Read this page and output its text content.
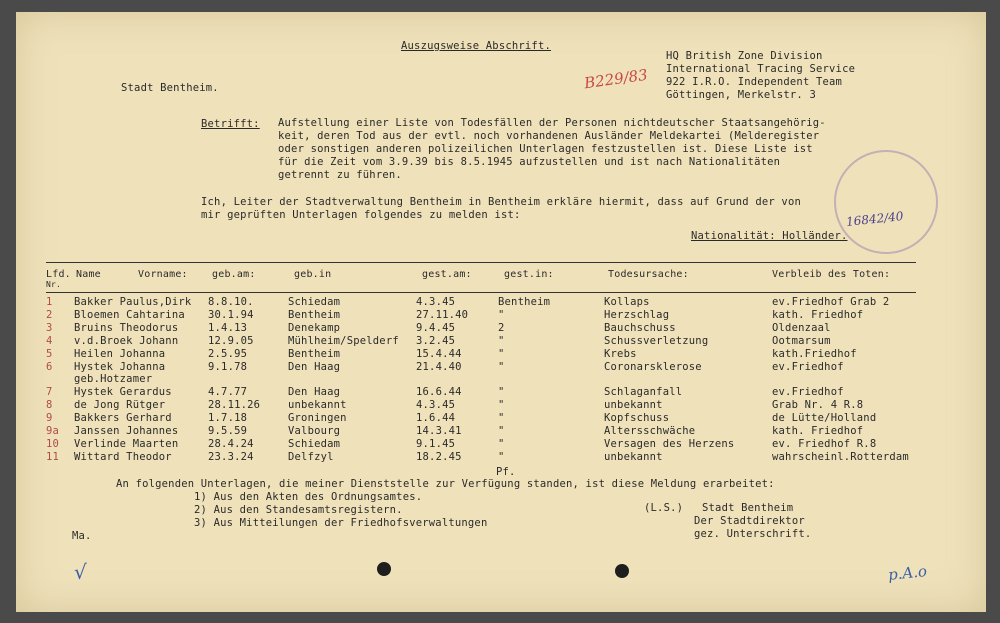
Auszugsweise Abschrift.
HQ British Zone Division
International Tracing Service
922 I.R.O. Independent Team
Göttingen, Merkelstr. 3
B229/83
Stadt Bentheim.
Betrifft: Aufstellung einer Liste von Todesfällen der Personen nichtdeutscher Staatsangehörig-
keit, deren Tod aus der evtl. noch vorhandenen Ausländer Meldekartei (Melderegister
oder sonstigen anderen polizeilichen Unterlagen festzustellen ist. Diese Liste ist
für die Zeit vom 3.9.39 bis 8.5.1945 aufzustellen und ist nach Nationalitäten
getrennt zu führen.
Ich, Leiter der Stadtverwaltung Bentheim in Bentheim erkläre hiermit, dass auf Grund der von
mir geprüften Unterlagen folgendes zu melden ist:
Nationalität: Holländer.
16842/40
Lfd.
Nr.
Name	Vorname: geb.am:	geb.in	gest.am:	gest.in:	Todesursache:	Verbleib des Toten:
1 Bakker Paulus,Dirk 8.8.10.	Schiedam	4.3.45	Bentheim	Kollaps	ev.Friedhof Grab 2
2 Bloemen Cahtarina 30.1.94	Bentheim	27.11.40	"	Herzschlag	kath. Friedhof
3 Bruins Theodorus	1.4.13	Denekamp	9.4.45	2	Bauchschuss	Oldenzaal
4 v.d.Broek Johann	12.9.05	Mühlheim/Spelderf 3.2.45	"	Schussverletzung	Ootmarsum
5 Heilen Johanna	2.5.95	Bentheim	15.4.44	"	Krebs	kath.Friedhof
6 Hystek Johanna	9.1.78	Den Haag	21.4.40	"	Coronarsklerose	ev.Friedhof
geb.Hotzamer
7 Hystek Gerardus	4.7.77	Den Haag	16.6.44	"	Schlaganfall	ev.Friedhof
8 de Jong Rütger	28.11.26	unbekannt	4.3.45	"	unbekannt	Grab Nr. 4 R.8
9 Bakkers Gerhard	1.7.18	Groningen	1.6.44	"	Kopfschuss	de Lütte/Holland
9a Janssen Johannes	9.5.59	Valbourg	14.3.41	"	Altersschwäche	kath. Friedhof
10 Verlinde Maarten	28.4.24	Schiedam	9.1.45	"	Versagen des Herzens	ev. Friedhof R.8
11 Wittard Theodor	23.3.24	Delfzyl	18.2.45	"	unbekannt	wahrscheinl.Rotterdam
Pf.
An folgenden Unterlagen, die meiner Dienststelle zur Verfügung standen, ist diese Meldung erarbeitet:
1) Aus den Akten des Ordnungsamtes.
2) Aus den Standesamtsregistern.
3) Aus Mitteilungen der Friedhofsverwaltungen
(L.S.) Stadt Bentheim
Der Stadtdirektor
gez. Unterschrift.
Ma.
√	p.A.o
